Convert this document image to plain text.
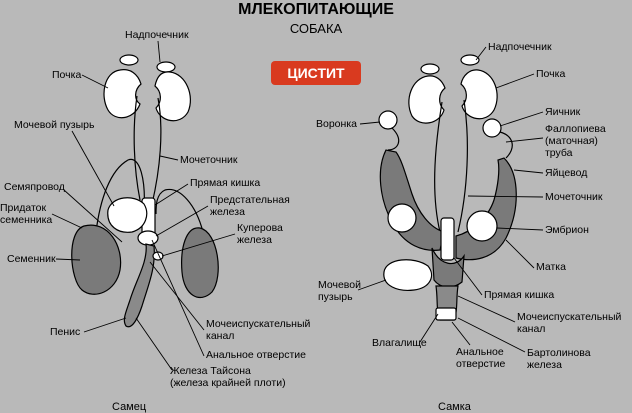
МЛЕКОПИТАЮЩИЕ
СОБАКА
ЦИСТИТ
Надпочечник
Почка
Мочевой пузырь
Мочеточник
Семяпровод	Прямая кишка
Придаток
семенника
Предстательная
железа
Куперова
железа
Семенник
Пенис
Мочеиспускательный
канал
Анальное отверстие
Железа Тайсона
(железа крайней плоти)
Самец
Надпочечник
Почка
Воронка
Яичник
Фаллопиева
(маточная)
труба
Яйцевод
Мочеточник
Эмбрион
Матка
Мочевой
пузырь	Прямая кишка
Мочеиспускательный
канал
Влагалище
Анальное
отверстие
Бартолинова
железа
Самка
